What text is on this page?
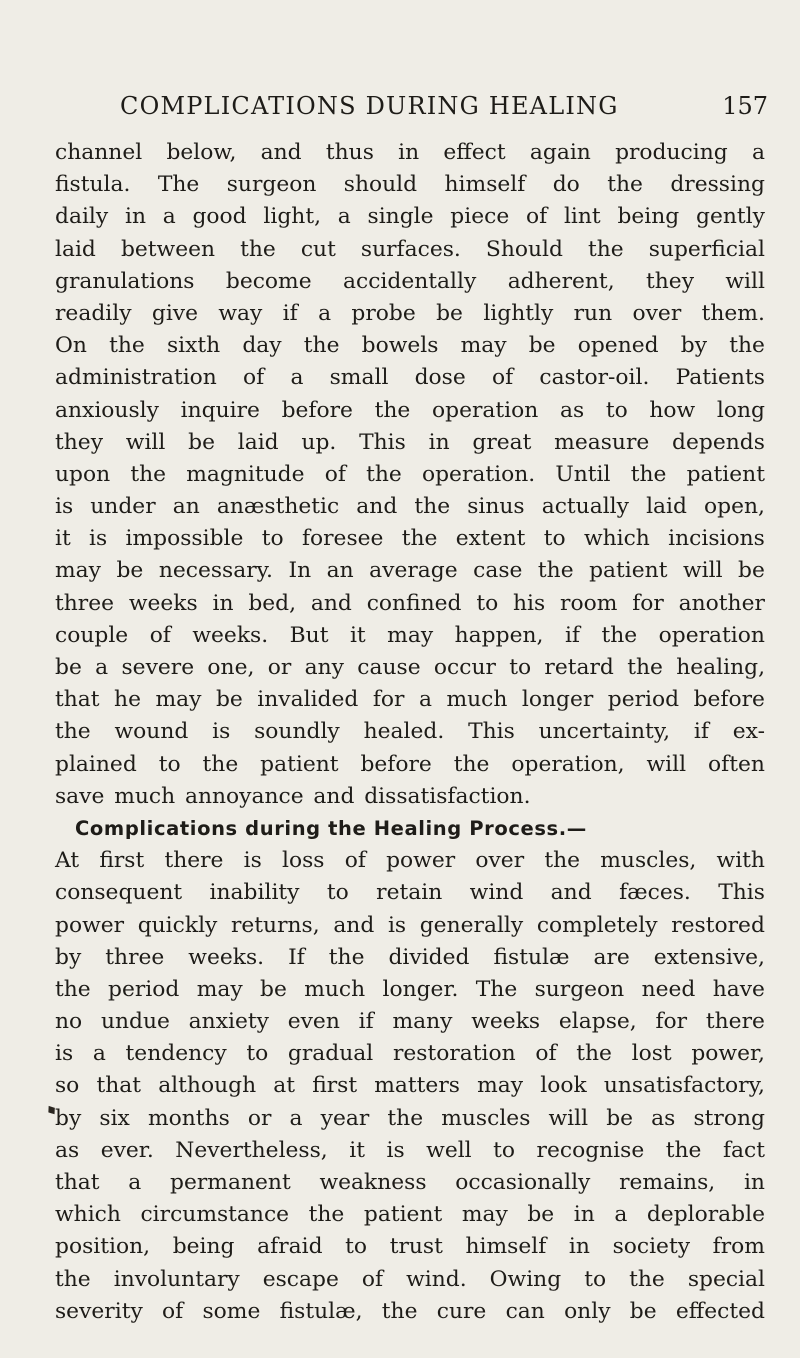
COMPLICATIONS DURING HEALING	157
channel below, and thus in effect again producing a
fistula. The surgeon should himself do the dressing
daily in a good light, a single piece of lint being gently
laid between the cut surfaces. Should the superficial
granulations become accidentally adherent, they will
readily give way if a probe be lightly run over them.
On the sixth day the bowels may be opened by the
administration of a small dose of castor-oil. Patients
anxiously inquire before the operation as to how long
they will be laid up. This in great measure depends
upon the magnitude of the operation. Until the patient
is under an anæsthetic and the sinus actually laid open,
it is impossible to foresee the extent to which incisions
may be necessary. In an average case the patient will be
three weeks in bed, and confined to his room for another
couple of weeks. But it may happen, if the operation
be a severe one, or any cause occur to retard the healing,
that he may be invalided for a much longer period before
the wound is soundly healed. This uncertainty, if ex-
plained to the patient before the operation, will often
save much annoyance and dissatisfaction.
Complications during the Healing Process.—
At first there is loss of power over the muscles, with
consequent inability to retain wind and fæces. This
power quickly returns, and is generally completely restored
by three weeks. If the divided fistulæ are extensive,
the period may be much longer. The surgeon need have
no undue anxiety even if many weeks elapse, for there
is a tendency to gradual restoration of the lost power,
so that although at first matters may look unsatisfactory,
by six months or a year the muscles will be as strong
as ever. Nevertheless, it is well to recognise the fact
that a permanent weakness occasionally remains, in
which circumstance the patient may be in a deplorable
position, being afraid to trust himself in society from
the involuntary escape of wind. Owing to the special
severity of some fistulæ, the cure can only be effected
♦
